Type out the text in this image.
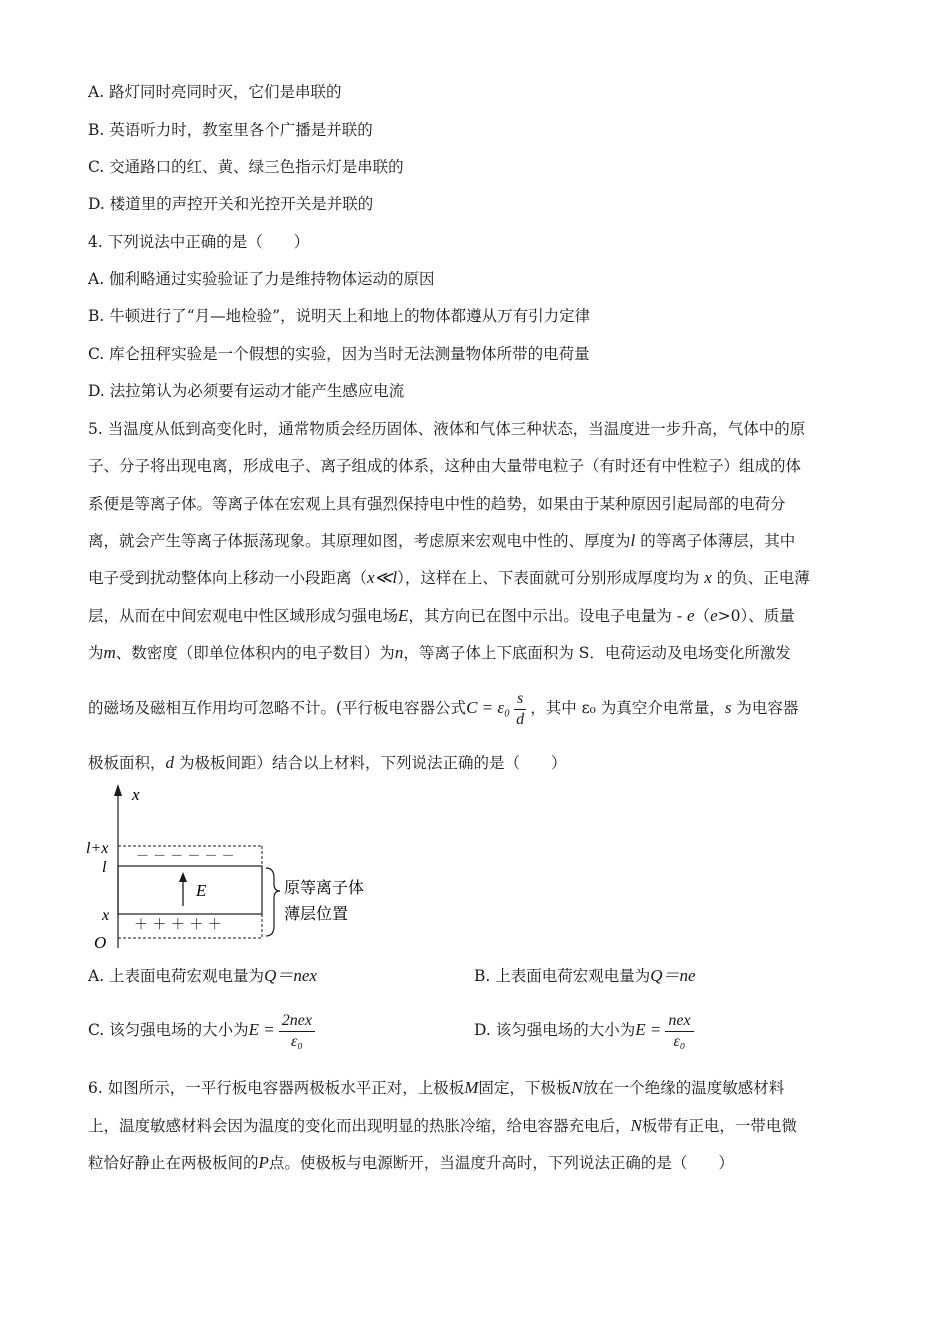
A. 路灯同时亮同时灭，它们是串联的
B. 英语听力时，教室里各个广播是并联的
C. 交通路口的红、黄、绿三色指示灯是串联的
D. 楼道里的声控开关和光控开关是并联的
4. 下列说法中正确的是（　　）
A. 伽利略通过实验验证了力是维持物体运动的原因
B. 牛顿进行了“月—地检验”，说明天上和地上的物体都遵从万有引力定律
C. 库仑扭秤实验是一个假想的实验，因为当时无法测量物体所带的电荷量
D. 法拉第认为必须要有运动才能产生感应电流
5. 当温度从低到高变化时，通常物质会经历固体、液体和气体三种状态，当温度进一步升高，气体中的原
子、分子将出现电离，形成电子、离子组成的体系，这种由大量带电粒子（有时还有中性粒子）组成的体
系便是等离子体。等离子体在宏观上具有强烈保持电中性的趋势，如果由于某种原因引起局部的电荷分
离，就会产生等离子体振荡现象。其原理如图，考虑原来宏观电中性的、厚度为l 的等离子体薄层，其中
电子受到扰动整体向上移动一小段距离（x≪l），这样在上、下表面就可分别形成厚度均为 x 的负、正电薄
层，从而在中间宏观电中性区域形成匀强电场E，其方向已在图中示出。设电子电量为 - e（e>0）、质量
为m、数密度（即单位体积内的电子数目）为n，等离子体上下底面积为 S．电荷运动及电场变化所激发
的磁场及磁相互作用均可忽略不计。(平行板电容器公式$C = \varepsilon_0 \frac{s}{d}$ ，其中 ε₀ 为真空介电常量，s 为电容器
极板面积，d 为极板间距）结合以上材料，下列说法正确的是（　　）
x
l+x
l
x
O
－ － － － － －
＋ ＋ ＋ ＋ ＋
E	原等离子体
薄层位置
A. 上表面电荷宏观电量为Q＝nex	B. 上表面电荷宏观电量为Q＝ne
C. 该匀强电场的大小为$E = \frac{\text{2nex}}{\text{ε₀}}$	D. 该匀强电场的大小为$E = \frac{\text{nex}}{\text{ε₀}}$
6. 如图所示，一平行板电容器两极板水平正对，上极板M固定，下极板N放在一个绝缘的温度敏感材料
上，温度敏感材料会因为温度的变化而出现明显的热胀冷缩，给电容器充电后，N板带有正电，一带电微
粒恰好静止在两极板间的P点。使极板与电源断开，当温度升高时，下列说法正确的是（　　）
